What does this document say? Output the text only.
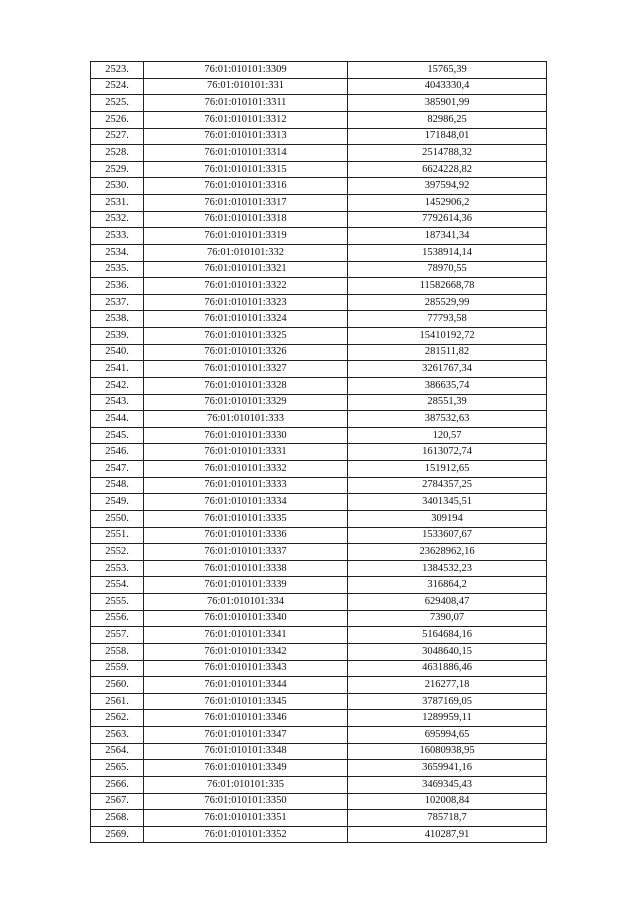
2523.	76:01:010101:3309	15765,39
2524.	76:01:010101:331	4043330,4
2525.	76:01:010101:3311	385901,99
2526.	76:01:010101:3312	82986,25
2527.	76:01:010101:3313	171848,01
2528.	76:01:010101:3314	2514788,32
2529.	76:01:010101:3315	6624228,82
2530.	76:01:010101:3316	397594,92
2531.	76:01:010101:3317	1452906,2
2532.	76:01:010101:3318	7792614,36
2533.	76:01:010101:3319	187341,34
2534.	76:01:010101:332	1538914,14
2535.	76:01:010101:3321	78970,55
2536.	76:01:010101:3322	11582668,78
2537.	76:01:010101:3323	285529,99
2538.	76:01:010101:3324	77793,58
2539.	76:01:010101:3325	15410192,72
2540.	76:01:010101:3326	281511,82
2541.	76:01:010101:3327	3261767,34
2542.	76:01:010101:3328	386635,74
2543.	76:01:010101:3329	28551,39
2544.	76:01:010101:333	387532,63
2545.	76:01:010101:3330	120,57
2546.	76:01:010101:3331	1613072,74
2547.	76:01:010101:3332	151912,65
2548.	76:01:010101:3333	2784357,25
2549.	76:01:010101:3334	3401345,51
2550.	76:01:010101:3335	309194
2551.	76:01:010101:3336	1533607,67
2552.	76:01:010101:3337	23628962,16
2553.	76:01:010101:3338	1384532,23
2554.	76:01:010101:3339	316864,2
2555.	76:01:010101:334	629408,47
2556.	76:01:010101:3340	7390,07
2557.	76:01:010101:3341	5164684,16
2558.	76:01:010101:3342	3048640,15
2559.	76:01:010101:3343	4631886,46
2560.	76:01:010101:3344	216277,18
2561.	76:01:010101:3345	3787169,05
2562.	76:01:010101:3346	1289959,11
2563.	76:01:010101:3347	695994,65
2564.	76:01:010101:3348	16080938,95
2565.	76:01:010101:3349	3659941,16
2566.	76:01:010101:335	3469345,43
2567.	76:01:010101:3350	102008,84
2568.	76:01:010101:3351	785718,7
2569.	76:01:010101:3352	410287,91
